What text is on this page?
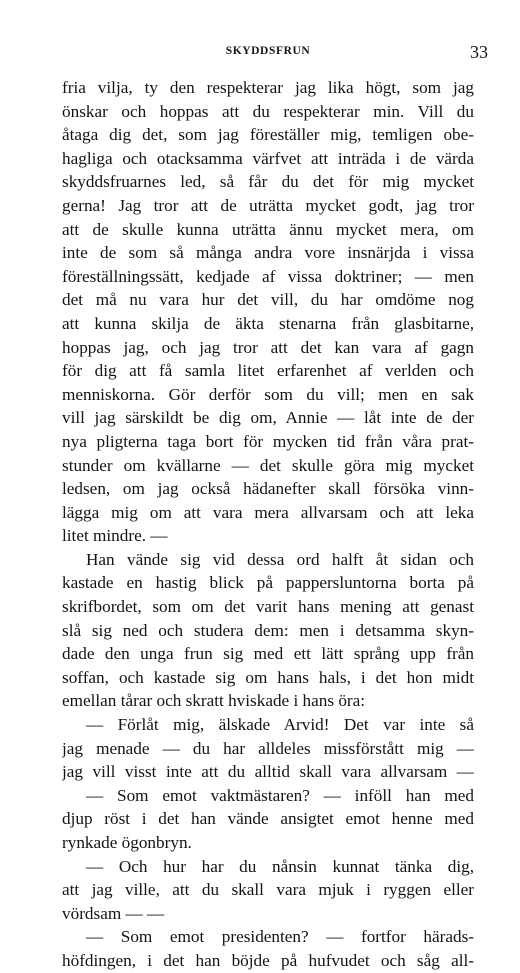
SKYDDSFRUN	33
fria vilja, ty den respekterar jag lika högt, som jag
önskar och hoppas att du respekterar min. Vill du
åtaga dig det, som jag föreställer mig, temligen obe-
hagliga och otacksamma värfvet att inträda i de värda
skyddsfruarnes led, så får du det för mig mycket
gerna! Jag tror att de uträtta mycket godt, jag tror
att de skulle kunna uträtta ännu mycket mera, om
inte de som så många andra vore insnärjda i vissa
föreställningssätt, kedjade af vissa doktriner; — men
det må nu vara hur det vill, du har omdöme nog
att kunna skilja de äkta stenarna från glasbitarne,
hoppas jag, och jag tror att det kan vara af gagn
för dig att få samla litet erfarenhet af verlden och
menniskorna. Gör derför som du vill; men en sak
vill jag särskildt be dig om, Annie — låt inte de der
nya pligterna taga bort för mycken tid från våra prat-
stunder om kvällarne — det skulle göra mig mycket
ledsen, om jag också hädanefter skall försöka vinn-
lägga mig om att vara mera allvarsam och att leka
litet mindre. —
Han vände sig vid dessa ord halft åt sidan och
kastade en hastig blick på pappersluntorna borta på
skrifbordet, som om det varit hans mening att genast
slå sig ned och studera dem: men i detsamma skyn-
dade den unga frun sig med ett lätt språng upp från
soffan, och kastade sig om hans hals, i det hon midt
emellan tårar och skratt hviskade i hans öra:
— Förlåt mig, älskade Arvid! Det var inte så
jag menade — du har alldeles missförstått mig —
jag vill visst inte att du alltid skall vara allvarsam —
— Som emot vaktmästaren? — inföll han med
djup röst i det han vände ansigtet emot henne med
rynkade ögonbryn.
— Och hur har du nånsin kunnat tänka dig,
att jag ville, att du skall vara mjuk i ryggen eller
vördsam — —
— Som emot presidenten? — fortfor härads-
höfdingen, i det han böjde på hufvudet och såg all-
